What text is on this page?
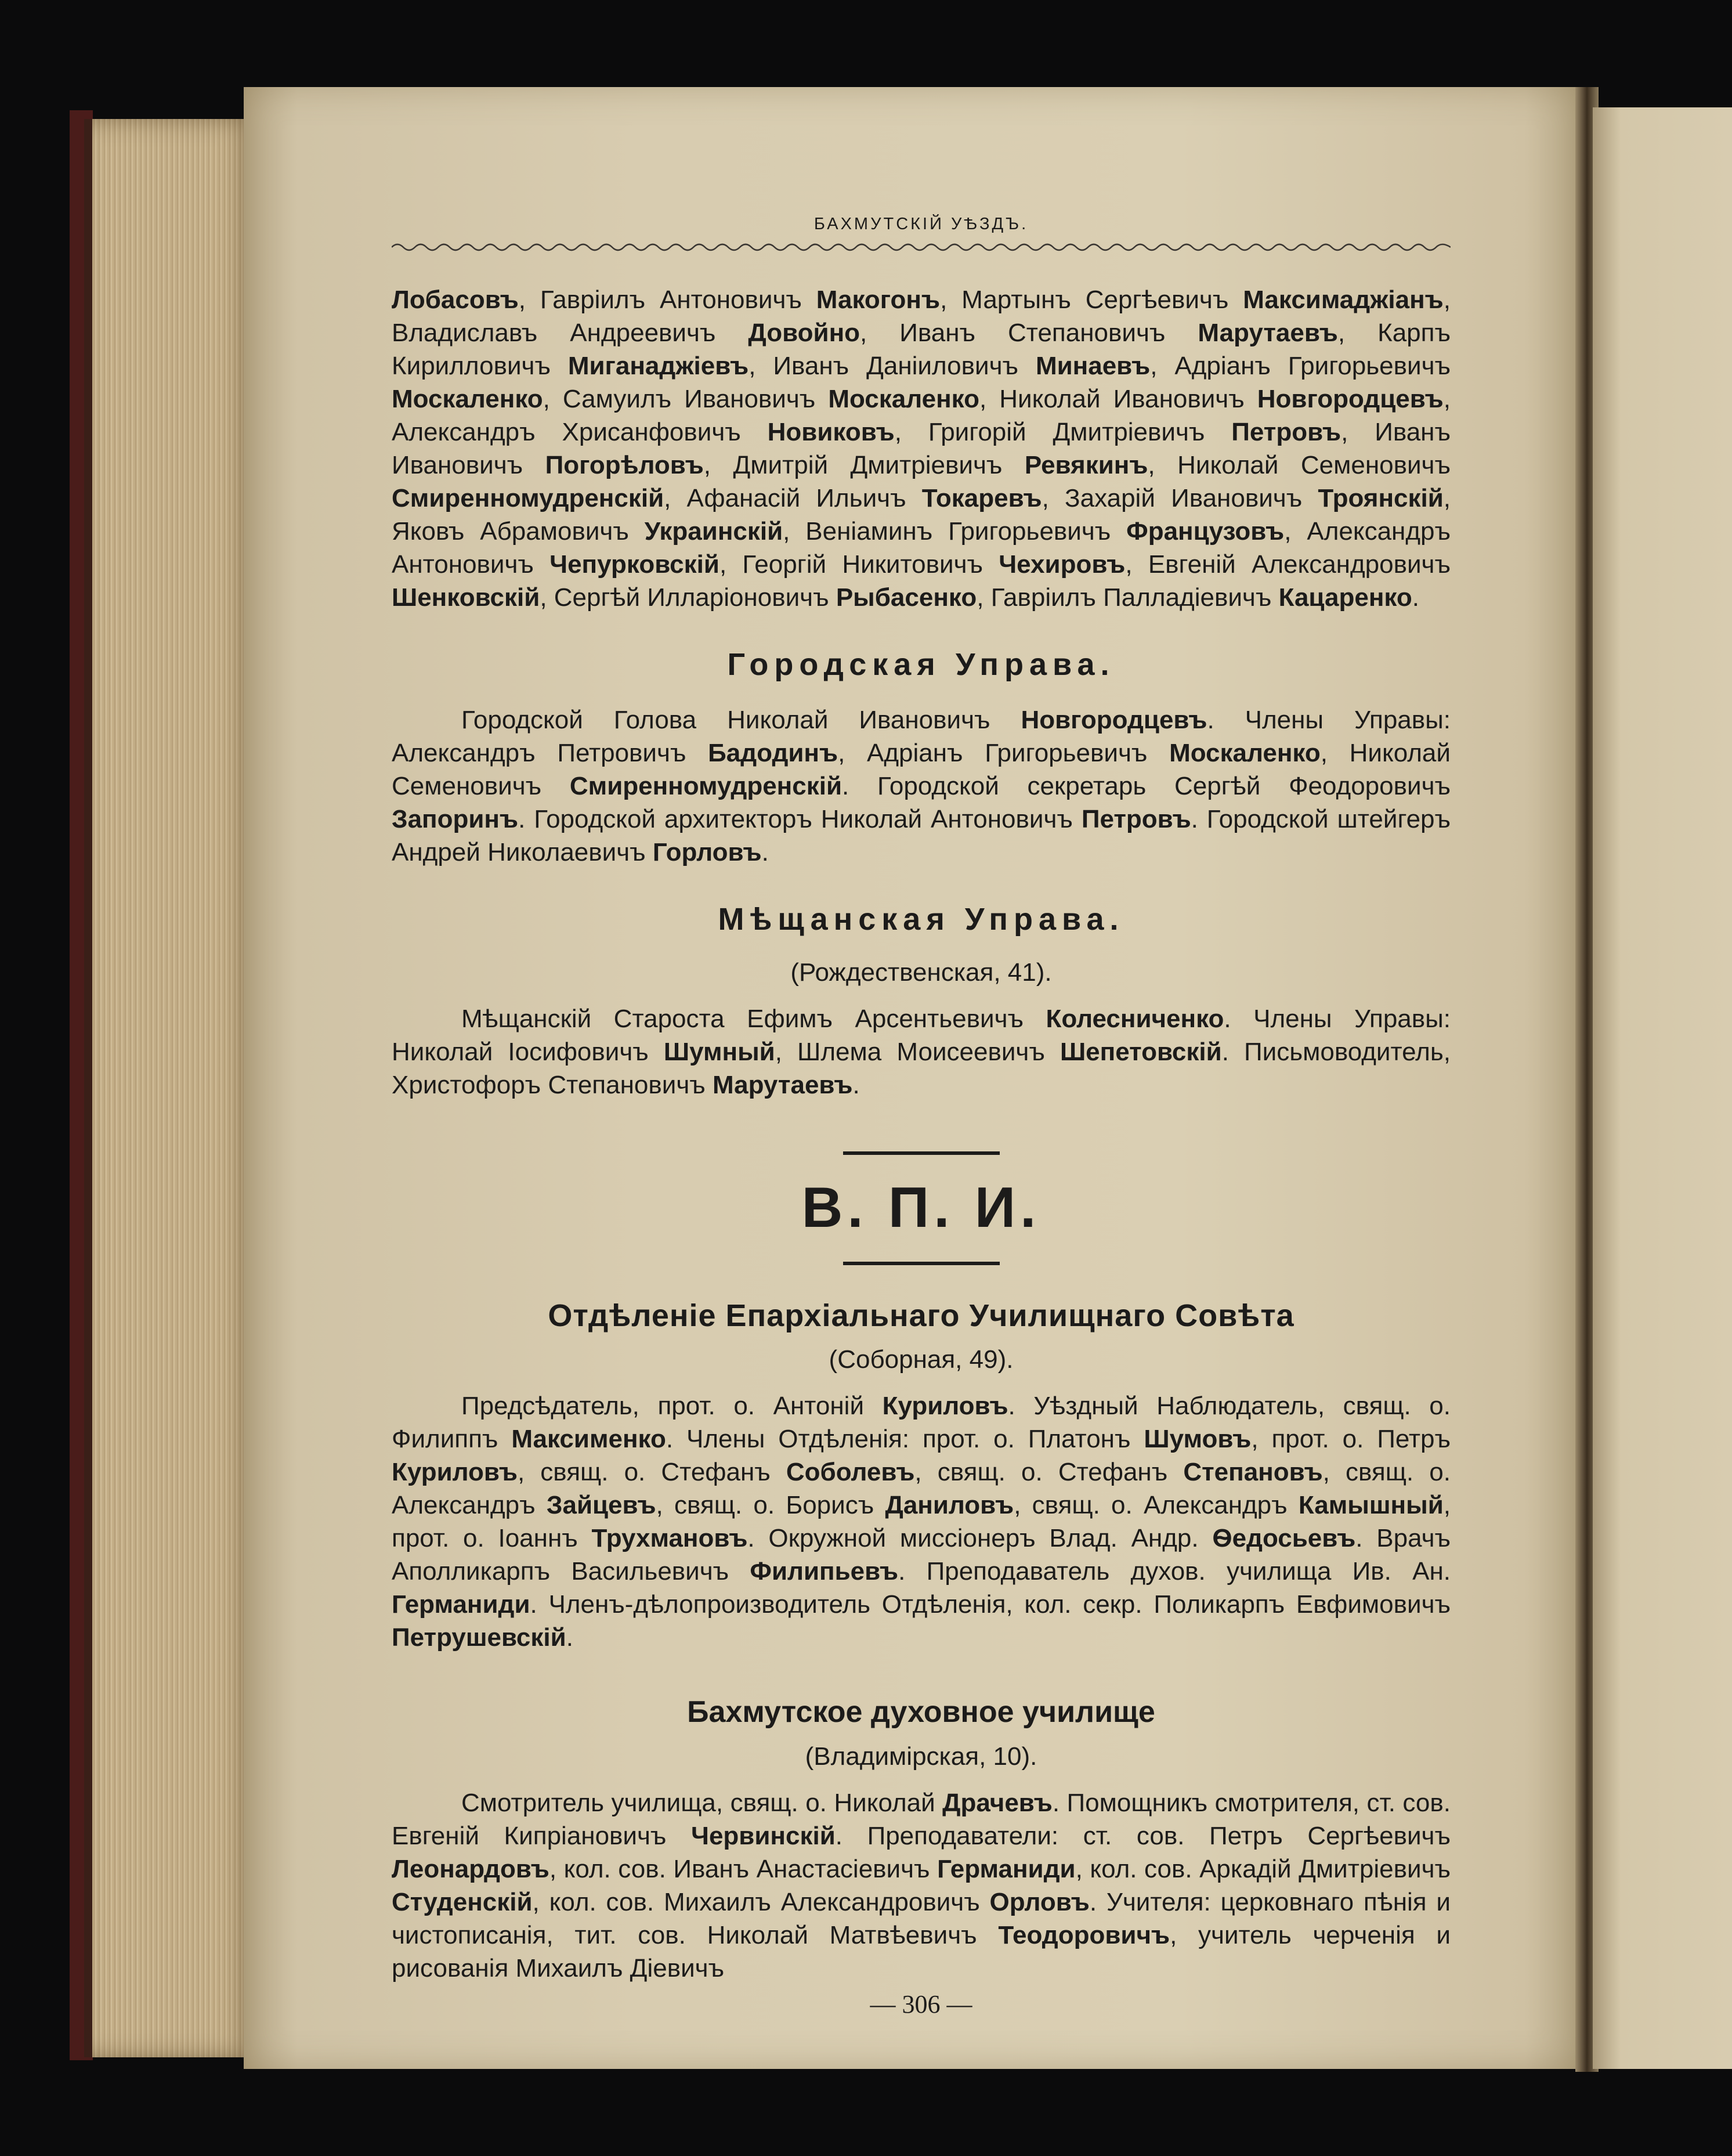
БАХМУТСКІЙ УѢЗДЪ.

Лобасовъ, Гавріилъ Антоновичъ Макогонъ, Мартынъ Сергѣевичъ Максимаджіанъ, Владиславъ Андреевичъ Довойно, Иванъ Степановичъ Марутаевъ, Карпъ Кирилловичъ Миганаджіевъ, Иванъ Даніиловичъ Минаевъ, Адріанъ Григорьевичъ Москаленко, Самуилъ Ивановичъ Москаленко, Николай Ивановичъ Новгородцевъ, Александръ Хрисанфовичъ Новиковъ, Григорій Дмитріевичъ Петровъ, Иванъ Ивановичъ Погорѣловъ, Дмитрій Дмитріевичъ Ревякинъ, Николай Семеновичъ Смиренномудренскій, Афанасій Ильичъ Токаревъ, Захарій Ивановичъ Троянскій, Яковъ Абрамовичъ Украинскій, Веніаминъ Григорьевичъ Французовъ, Александръ Антоновичъ Чепурковскій, Георгій Никитовичъ Чехировъ, Евгеній Александровичъ Шенковскій, Сергѣй Илларіоновичъ Рыбасенко, Гавріилъ Палладіевичъ Кацаренко.

Городская Управа.

Городской Голова Николай Ивановичъ Новгородцевъ. Члены Управы: Александръ Петровичъ Бадодинъ, Адріанъ Григорьевичъ Москаленко, Николай Семеновичъ Смиренномудренскій. Городской секретарь Сергѣй Феодоровичъ Запоринъ. Городской архитекторъ Николай Антоновичъ Петровъ. Городской штейгеръ Андрей Николаевичъ Горловъ.

Мѣщанская Управа.
(Рождественская, 41).

Мѣщанскій Староста Ефимъ Арсентьевичъ Колесниченко. Члены Управы: Николай Іосифовичъ Шумный, Шлема Моисеевичъ Шепетовскій. Письмоводитель, Христофоръ Степановичъ Марутаевъ.

В. П. И.
Отдѣленіе Епархіальнаго Училищнаго Совѣта
(Соборная, 49).

Предсѣдатель, прот. о. Антоній Куриловъ. Уѣздный Наблюдатель, свящ. о. Филиппъ Максименко. Члены Отдѣленія: прот. о. Платонъ Шумовъ, прот. о. Петръ Куриловъ, свящ. о. Стефанъ Соболевъ, свящ. о. Стефанъ Степановъ, свящ. о. Александръ Зайцевъ, свящ. о. Борисъ Даниловъ, свящ. о. Александръ Камышный, прот. о. Іоаннъ Трухмановъ. Окружной миссіонеръ Влад. Андр. Ѳедосьевъ. Врачъ Аполликарпъ Васильевичъ Филипьевъ. Преподаватель духов. училища Ив. Ан. Германиди. Членъ-дѣлопроизводитель Отдѣленія, кол. секр. Поликарпъ Евфимовичъ Петрушевскій.

Бахмутское духовное училище
(Владимірская, 10).

Смотритель училища, свящ. о. Николай Драчевъ. Помощникъ смотрителя, ст. сов. Евгеній Кипріановичъ Червинскій. Преподаватели: ст. сов. Петръ Сергѣевичъ Леонардовъ, кол. сов. Иванъ Анастасіевичъ Германиди, кол. сов. Аркадій Дмитріевичъ Студенскій, кол. сов. Михаилъ Александровичъ Орловъ. Учителя: церковнаго пѣнія и чистописанія, тит. сов. Николай Матвѣевичъ Теодоровичъ, учитель черченія и рисованія Михаилъ Діевичъ

— 306 —
